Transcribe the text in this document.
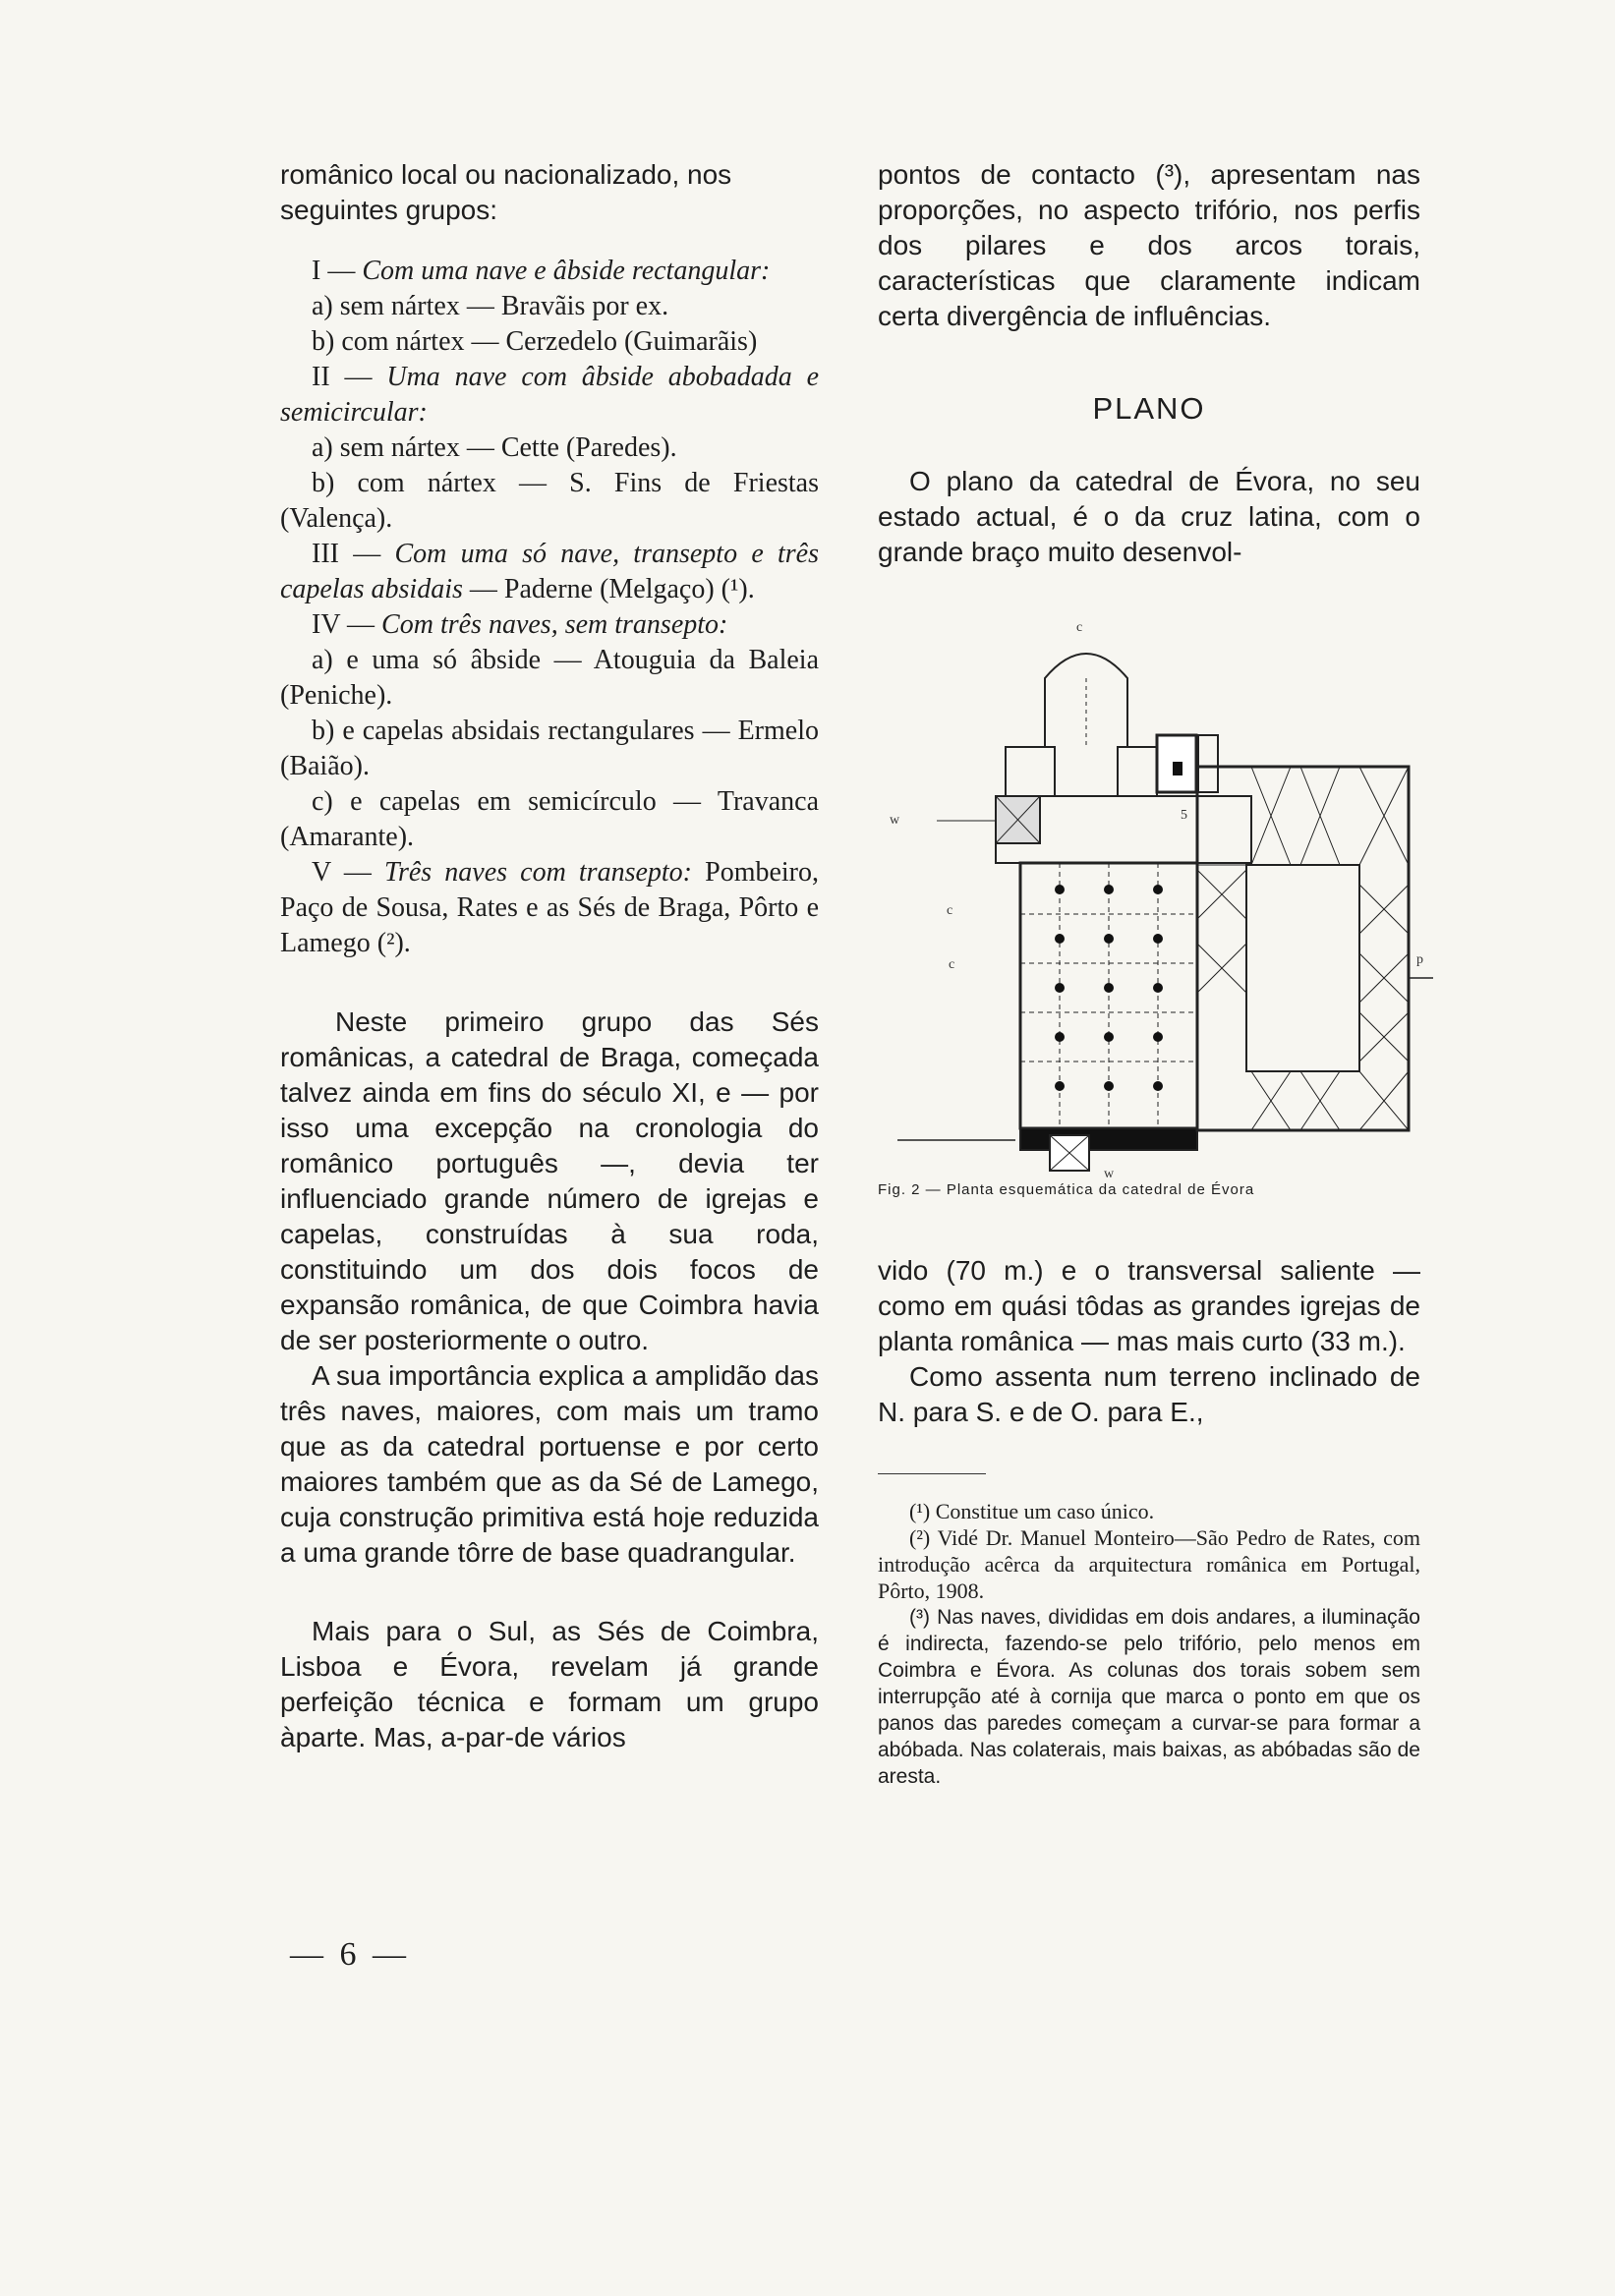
românico local ou nacionalizado, nos seguintes grupos:

I — Com uma nave e âbside rectangular:

a) sem nártex — Bravãis por ex.

b) com nártex — Cerzedelo (Guimarãis)

II — Uma nave com âbside abobadada e semicircular:

a) sem nártex — Cette (Paredes).

b) com nártex — S. Fins de Friestas (Valença).

III — Com uma só nave, transepto e três capelas absidais — Paderne (Melgaço) (¹).

IV — Com três naves, sem transepto:

a) e uma só âbside — Atouguia da Baleia (Peniche).

b) e capelas absidais rectangulares — Ermelo (Baião).

c) e capelas em semicírculo — Travanca (Amarante).

V — Três naves com transepto: Pombeiro, Paço de Sousa, Rates e as Sés de Braga, Pôrto e Lamego (²).

Neste primeiro grupo das Sés românicas, a catedral de Braga, começada talvez ainda em fins do século XI, e — por isso uma excepção na cronologia do românico português —, devia ter influenciado grande número de igrejas e capelas, construídas à sua roda, constituindo um dos dois focos de expansão românica, de que Coimbra havia de ser posteriormente o outro.

A sua importância explica a amplidão das três naves, maiores, com mais um tramo que as da catedral portuense e por certo maiores também que as da Sé de Lamego, cuja construção primitiva está hoje reduzida a uma grande tôrre de base quadrangular.

Mais para o Sul, as Sés de Coimbra, Lisboa e Évora, revelam já grande perfeição técnica e formam um grupo àparte. Mas, a-par-de vários

pontos de contacto (³), apresentam nas proporções, no aspecto trifório, nos perfis dos pilares e dos arcos torais, características que claramente indicam certa divergência de influências.

PLANO

O plano da catedral de Évora, no seu estado actual, é o da cruz latina, com o grande braço muito desenvol-

c
c
c
5
w
p
w
Fig. 2 — Planta esquemática da catedral de Évora

vido (70 m.) e o transversal saliente — como em quási tôdas as grandes igrejas de planta românica — mas mais curto (33 m.).

Como assenta num terreno inclinado de N. para S. e de O. para E.,

(¹) Constitue um caso único.

(²) Vidé Dr. Manuel Monteiro—São Pedro de Rates, com introdução acêrca da arquitectura românica em Portugal, Pôrto, 1908.

(³) Nas naves, divididas em dois andares, a iluminação é indirecta, fazendo-se pelo trifório, pelo menos em Coimbra e Évora. As colunas dos torais sobem sem interrupção até à cornija que marca o ponto em que os panos das paredes começam a curvar-se para formar a abóbada. Nas colaterais, mais baixas, as abóbadas são de aresta.

— 6 —
